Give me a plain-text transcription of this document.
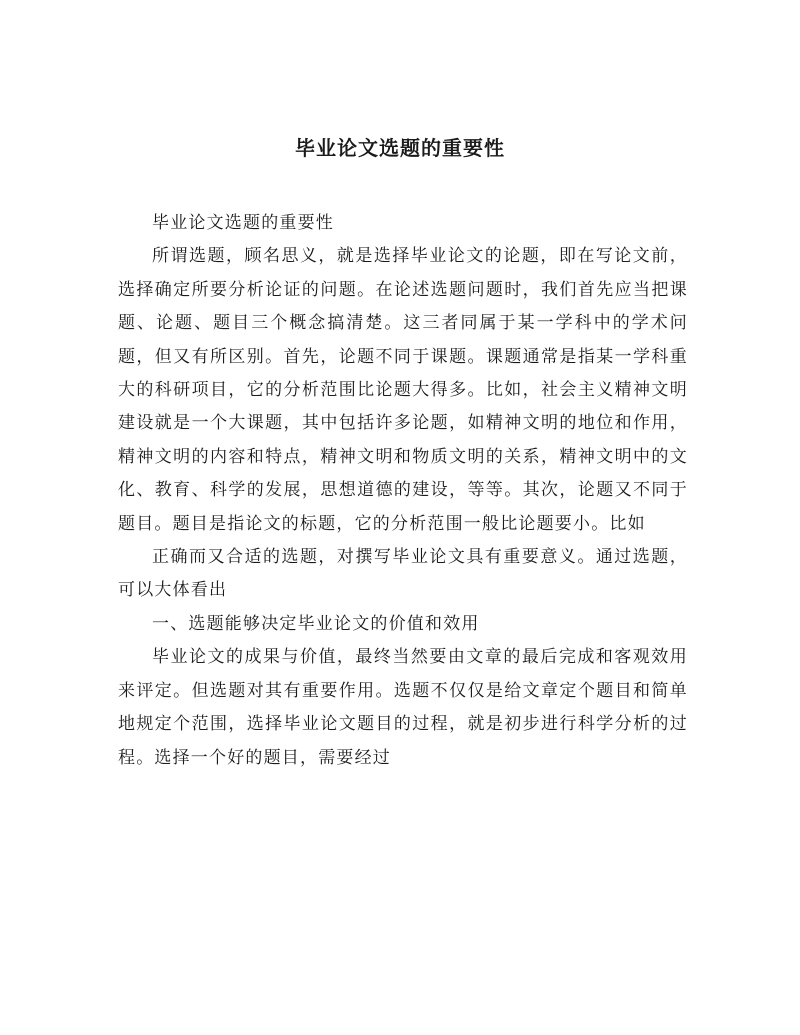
毕业论文选题的重要性

毕业论文选题的重要性

所谓选题，顾名思义，就是选择毕业论文的论题，即在写论文前，选择确定所要分析论证的问题。在论述选题问题时，我们首先应当把课题、论题、题目三个概念搞清楚。这三者同属于某一学科中的学术问题，但又有所区别。首先，论题不同于课题。课题通常是指某一学科重大的科研项目，它的分析范围比论题大得多。比如，社会主义精神文明建设就是一个大课题，其中包括许多论题，如精神文明的地位和作用，精神文明的内容和特点，精神文明和物质文明的关系，精神文明中的文化、教育、科学的发展，思想道德的建设，等等。其次，论题又不同于题目。题目是指论文的标题，它的分析范围一般比论题要小。比如

正确而又合适的选题，对撰写毕业论文具有重要意义。通过选题，可以大体看出

一、选题能够决定毕业论文的价值和效用

毕业论文的成果与价值，最终当然要由文章的最后完成和客观效用来评定。但选题对其有重要作用。选题不仅仅是给文章定个题目和简单地规定个范围，选择毕业论文题目的过程，就是初步进行科学分析的过程。选择一个好的题目，需要经过
